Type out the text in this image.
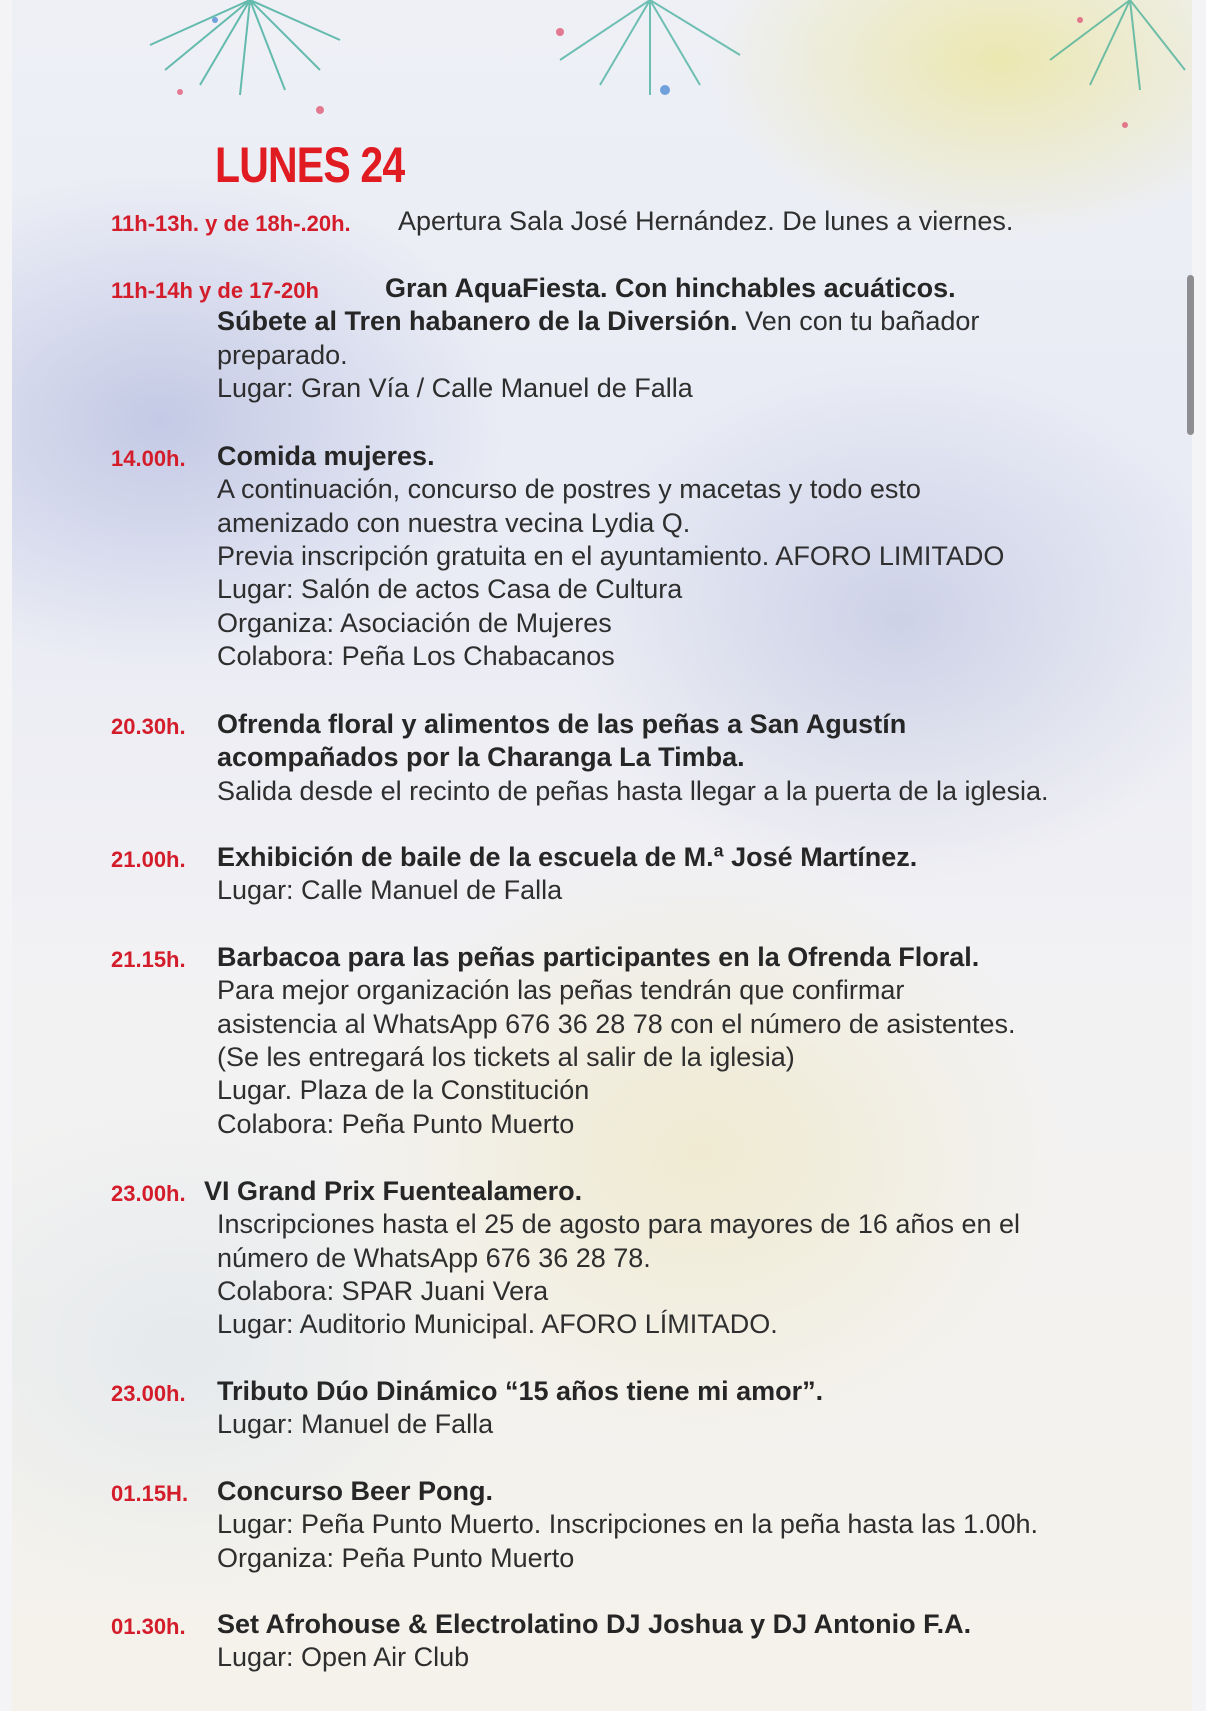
LUNES 24
11h-13h. y de 18h-.20h. Apertura Sala José Hernández. De lunes a viernes.
11h-14h y de 17-20h Gran AquaFiesta. Con hinchables acuáticos.
Súbete al Tren habanero de la Diversión. Ven con tu bañador
preparado.
Lugar: Gran Vía / Calle Manuel de Falla
14.00h. Comida mujeres.
A continuación, concurso de postres y macetas y todo esto
amenizado con nuestra vecina Lydia Q.
Previa inscripción gratuita en el ayuntamiento. AFORO LIMITADO
Lugar: Salón de actos Casa de Cultura
Organiza: Asociación de Mujeres
Colabora: Peña Los Chabacanos
20.30h. Ofrenda floral y alimentos de las peñas a San Agustín
acompañados por la Charanga La Timba.
Salida desde el recinto de peñas hasta llegar a la puerta de la iglesia.
21.00h. Exhibición de baile de la escuela de M.ª José Martínez.
Lugar: Calle Manuel de Falla
21.15h. Barbacoa para las peñas participantes en la Ofrenda Floral.
Para mejor organización las peñas tendrán que confirmar
asistencia al WhatsApp 676 36 28 78 con el número de asistentes.
(Se les entregará los tickets al salir de la iglesia)
Lugar. Plaza de la Constitución
Colabora: Peña Punto Muerto
23.00h. VI Grand Prix Fuentealamero.
Inscripciones hasta el 25 de agosto para mayores de 16 años en el
número de WhatsApp 676 36 28 78.
Colabora: SPAR Juani Vera
Lugar: Auditorio Municipal. AFORO LÍMITADO.
23.00h. Tributo Dúo Dinámico “15 años tiene mi amor”.
Lugar: Manuel de Falla
01.15H. Concurso Beer Pong.
Lugar: Peña Punto Muerto. Inscripciones en la peña hasta las 1.00h.
Organiza: Peña Punto Muerto
01.30h. Set Afrohouse & Electrolatino DJ Joshua y DJ Antonio F.A.
Lugar: Open Air Club
